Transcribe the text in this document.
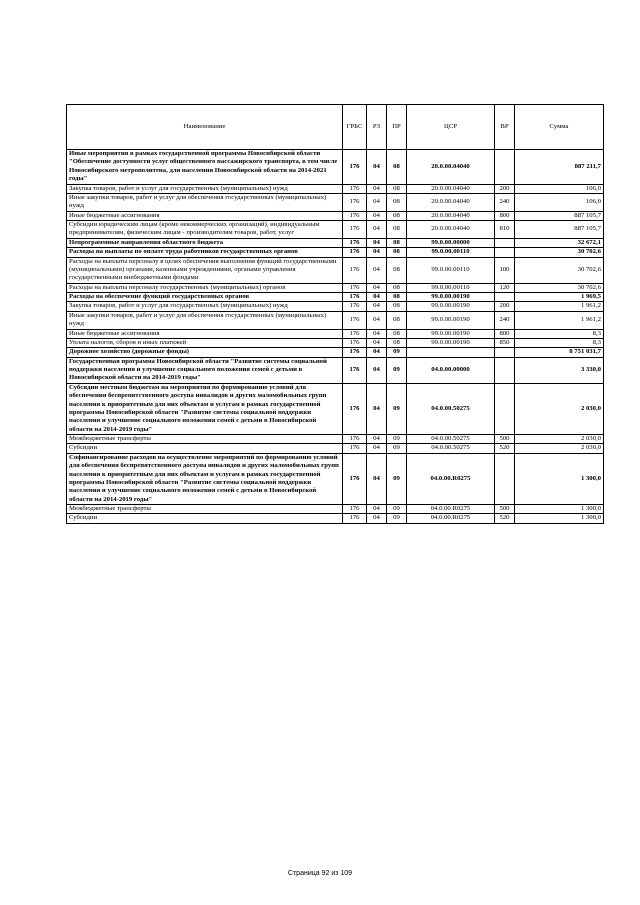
Наименование	ГРБС	РЗ	ПР	ЦСР	ВР	Сумма
Иные мероприятия в рамках государственной программы Новосибирской области "Обеспечение доступности услуг общественного пассажирского транспорта, в том числе Новосибирского метрополитена, для населения Новосибирской области на 2014-2021 годы"	176	04	08	20.0.00.04040		887 211,7
Закупка товаров, работ и услуг для государственных (муниципальных) нужд	176	04	08	20.0.00.04040	200	106,0
Иные закупки товаров, работ и услуг для обеспечения государственных (муниципальных) нужд	176	04	08	20.0.00.04040	240	106,0
Иные бюджетные ассигнования	176	04	08	20.0.00.04040	800	887 105,7
Субсидии юридическим лицам (кроме некоммерческих организаций), индивидуальным предпринимателям, физическим лицам - производителям товаров, работ, услуг	176	04	08	20.0.00.04040	810	887 105,7
Непрограммные направления областного бюджета	176	04	08	99.0.00.00000		32 672,1
Расходы на выплаты по оплате труда работников государственных органов	176	04	08	99.0.00.00110		30 702,6
Расходы на выплаты персоналу в целях обеспечения выполнения функций государственными (муниципальными) органами, казенными учреждениями, органами управления государственными внебюджетными фондами	176	04	08	99.0.00.00110	100	30 702,6
Расходы на выплаты персоналу государственных (муниципальных) органов	176	04	08	99.0.00.00110	120	30 702,6
Расходы на обеспечение функций государственных органов	176	04	08	99.0.00.00190		1 969,5
Закупка товаров, работ и услуг для государственных (муниципальных) нужд	176	04	08	99.0.00.00190	200	1 961,2
Иные закупки товаров, работ и услуг для обеспечения государственных (муниципальных) нужд	176	04	08	99.0.00.00190	240	1 961,2
Иные бюджетные ассигнования	176	04	08	99.0.00.00190	800	8,3
Уплата налогов, сборов и иных платежей	176	04	08	99.0.00.00190	850	8,3
Дорожное хозяйство (дорожные фонды)	176	04	09			8 751 031,7
Государственная программа Новосибирской области "Развитие системы социальной поддержки населения и улучшение социального положения семей с детьми в Новосибирской области на 2014-2019 годы"	176	04	09	04.0.00.00000		3 330,0
Субсидии местным бюджетам на мероприятия по формированию условий для обеспечения беспрепятственного доступа инвалидов и других маломобильных групп населения к приоритетным для них объектам и услугам в рамках государственной программы Новосибирской области "Развитие системы социальной поддержки населения и улучшение социального положения семей с детьми в Новосибирской области на 2014-2019 годы"	176	04	09	04.0.00.50275		2 030,0
Межбюджетные трансферты	176	04	09	04.0.00.50275	500	2 030,0
Субсидии	176	04	09	04.0.00.50275	520	2 030,0
Софинансирование расходов на осуществление мероприятий по формированию условий для обеспечения беспрепятственного доступа инвалидов и других маломобильных групп населения к приоритетным для них объектам и услугам в рамках государственной программы Новосибирской области "Развитие системы социальной поддержки населения и улучшение социального положения семей с детьми в Новосибирской области на 2014-2019 годы"	176	04	09	04.0.00.R0275		1 300,0
Межбюджетные трансферты	176	04	09	04.0.00.R0275	500	1 300,0
Субсидии	176	04	09	04.0.00.R0275	520	1 300,0
Страница 92 из 109
